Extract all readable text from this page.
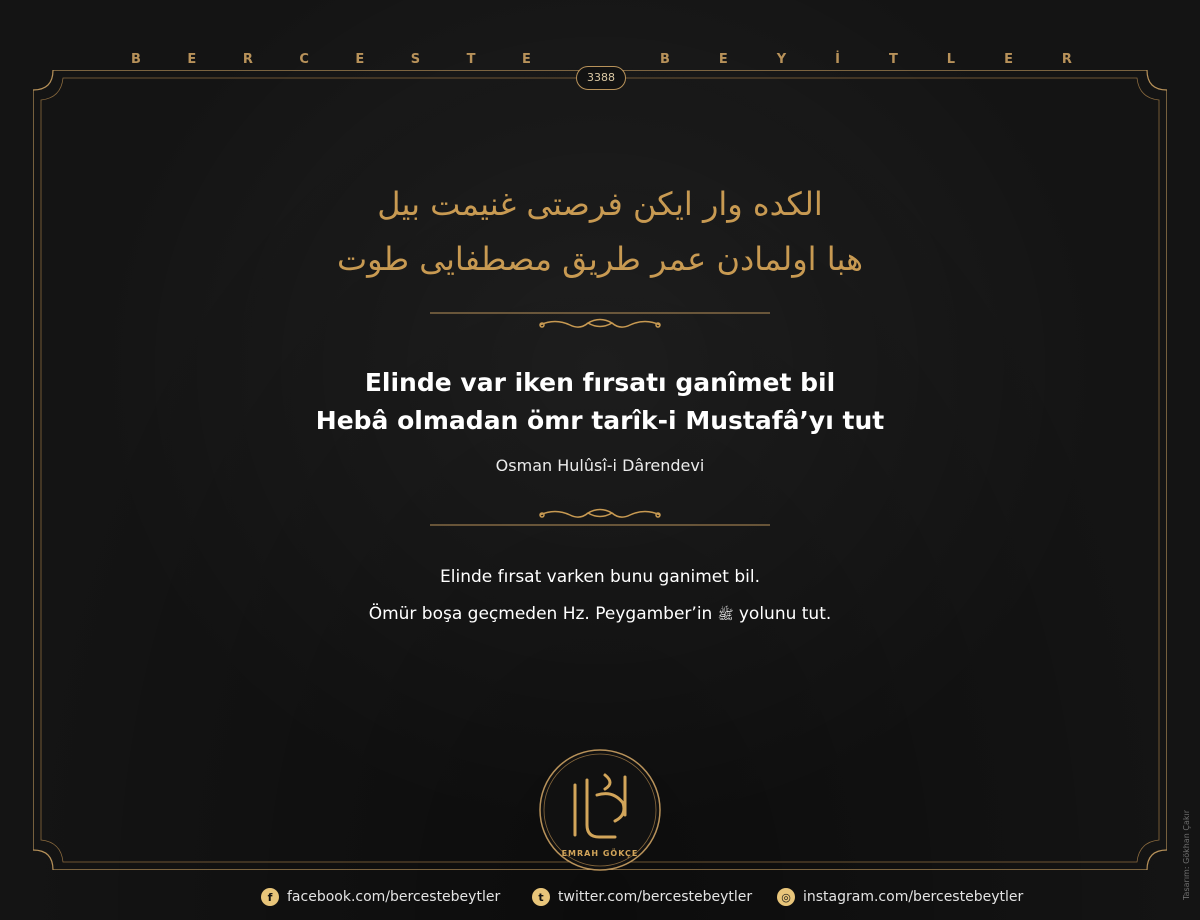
B	E	R	C	E	S	T	E	B	E	Y	İ	T	L	E	R
3388
الكده وار ايكن فرصتى غنيمت بيل
هبا اولمادن عمر طريق مصطفايى طوت
Elinde var iken fırsatı ganîmet bil
Hebâ olmadan ömr tarîk-i Mustafâ’yı tut
Osman Hulûsî-i Dârendevi
Elinde fırsat varken bunu ganimet bil.
Ömür boşa geçmeden Hz. Peygamber’in ﷺ yolunu tut.
EMRAH GÖKÇE
f	facebook.com/bercestebeytler	t	twitter.com/bercestebeytler	◎ instagram.com/bercestebeytler	Tasarım: Gökhan Çakır
